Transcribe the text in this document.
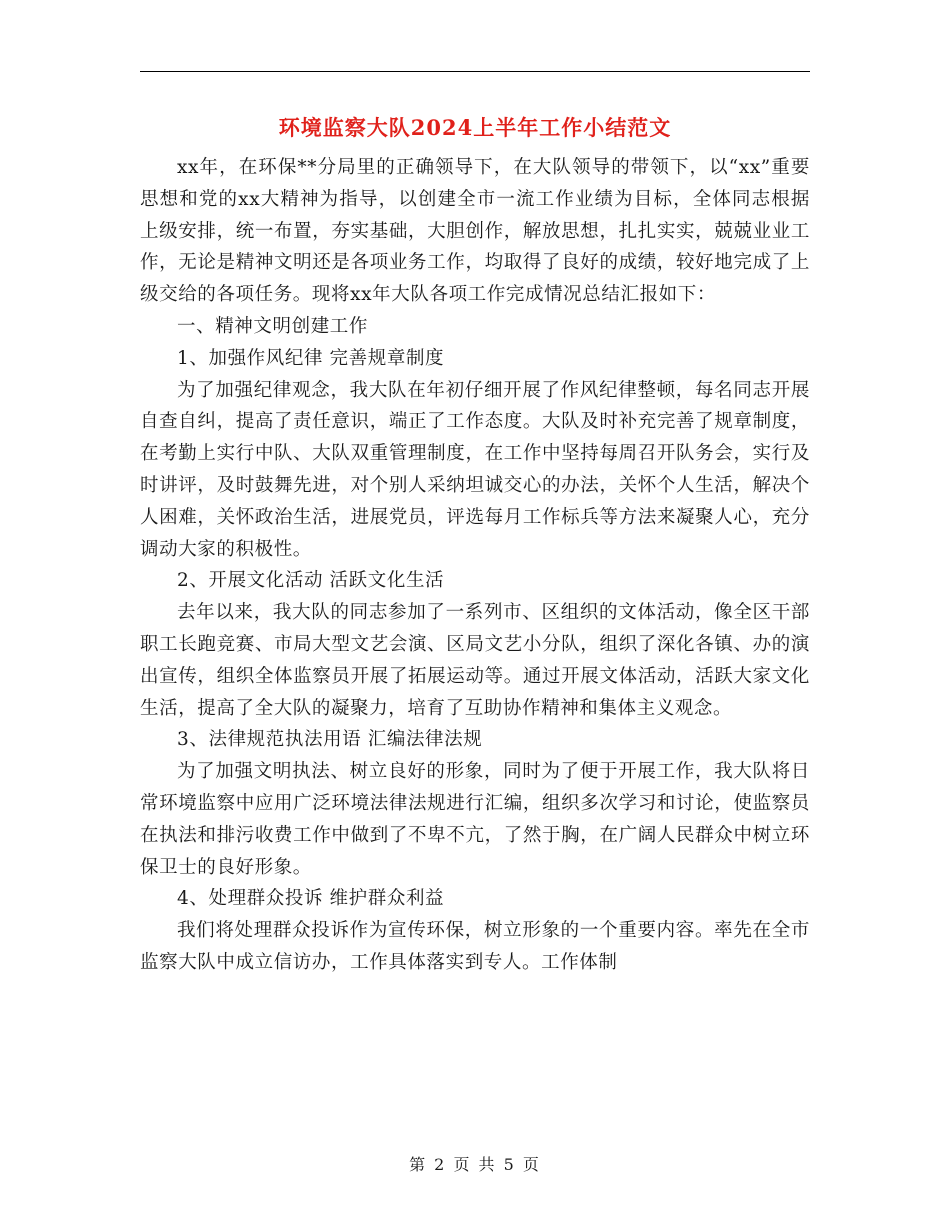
环境监察大队2024上半年工作小结范文

xx年，在环保**分局里的正确领导下，在大队领导的带领下，以“xx”重要思想和党的xx大精神为指导，以创建全市一流工作业绩为目标，全体同志根据上级安排，统一布置，夯实基础，大胆创作，解放思想，扎扎实实，兢兢业业工作，无论是精神文明还是各项业务工作，均取得了良好的成绩，较好地完成了上级交给的各项任务。现将xx年大队各项工作完成情况总结汇报如下：

一、精神文明创建工作

1、加强作风纪律 完善规章制度

为了加强纪律观念，我大队在年初仔细开展了作风纪律整顿，每名同志开展自查自纠，提高了责任意识，端正了工作态度。大队及时补充完善了规章制度，在考勤上实行中队、大队双重管理制度，在工作中坚持每周召开队务会，实行及时讲评，及时鼓舞先进，对个别人采纳坦诚交心的办法，关怀个人生活，解决个人困难，关怀政治生活，进展党员，评选每月工作标兵等方法来凝聚人心，充分调动大家的积极性。

2、开展文化活动 活跃文化生活

去年以来，我大队的同志参加了一系列市、区组织的文体活动，像全区干部职工长跑竞赛、市局大型文艺会演、区局文艺小分队，组织了深化各镇、办的演出宣传，组织全体监察员开展了拓展运动等。通过开展文体活动，活跃大家文化生活，提高了全大队的凝聚力，培育了互助协作精神和集体主义观念。

3、法律规范执法用语 汇编法律法规

为了加强文明执法、树立良好的形象，同时为了便于开展工作，我大队将日常环境监察中应用广泛环境法律法规进行汇编，组织多次学习和讨论，使监察员在执法和排污收费工作中做到了不卑不亢，了然于胸，在广阔人民群众中树立环保卫士的良好形象。

4、处理群众投诉 维护群众利益

我们将处理群众投诉作为宣传环保，树立形象的一个重要内容。率先在全市监察大队中成立信访办，工作具体落实到专人。工作体制

第 2 页 共 5 页
